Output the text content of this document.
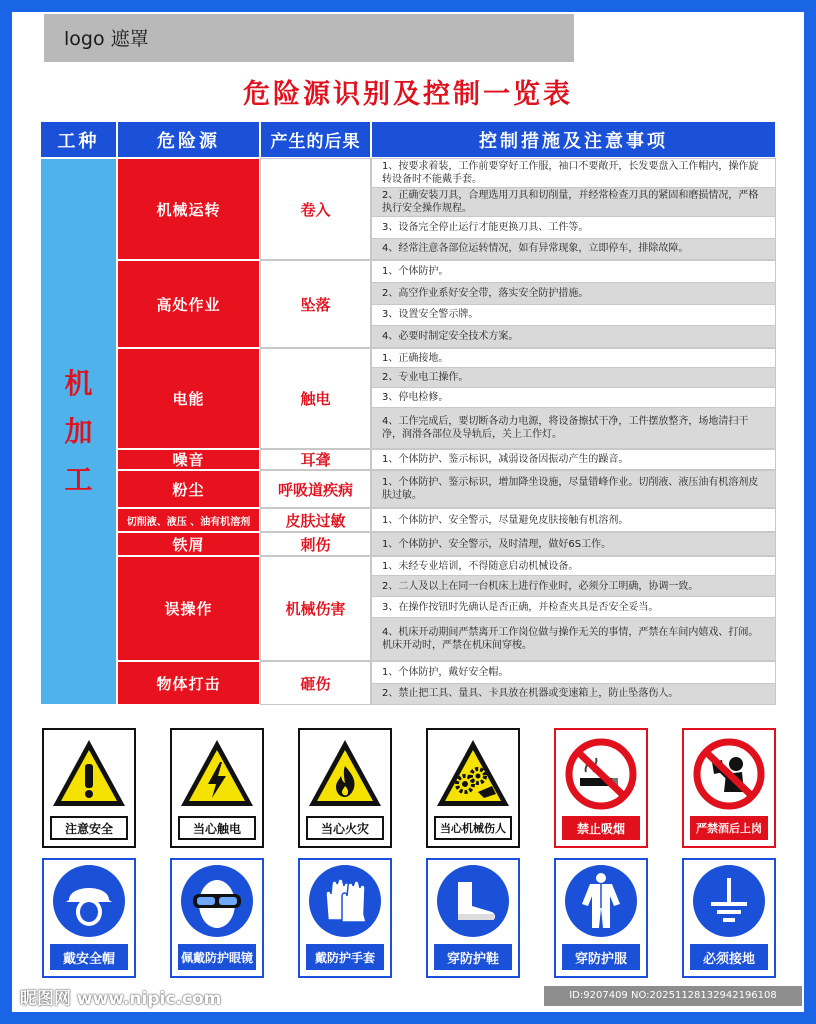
logo 遮罩
危险源识别及控制一览表
工种	危险源	产生的后果	控制措施及注意事项
机
加
工
机械运转	卷入
1、按要求着装，工作前要穿好工作服，袖口不要敞开，长发要盘入工作帽内，操作旋转设备时不能戴手套。
2、正确安装刀具，合理选用刀具和切削量，并经常检查刀具的紧固和磨损情况，严格执行安全操作规程。
3、设备完全停止运行才能更换刀具、工件等。
4、经常注意各部位运转情况，如有异常现象，立即停车，排除故障。
高处作业	坠落
1、个体防护。
2、高空作业系好安全带，落实安全防护措施。
3、设置安全警示牌。
4、必要时制定安全技术方案。
电能	触电
1、正确接地。
2、专业电工操作。
3、停电检修。
4、工作完成后，要切断各动力电源，将设备擦拭干净，工件摆放整齐，场地清扫干净，润滑各部位及导轨后，关上工作灯。
噪音	耳聋	1、个体防护、鉴示标识，减弱设备因振动产生的躁音。
粉尘	呼吸道疾病	1、个体防护、鉴示标识，增加降坐设施，尽量错峰作业。切削液、液压油有机溶剂皮肤过敏。
切削液、液压 、油有机溶剂	皮肤过敏	1、个体防护、安全警示，尽量避免皮肤接触有机溶剂。
铁屑	刺伤	1、个体防护、安全警示，及时清理，做好6S工作。
误操作	机械伤害
1、未经专业培训，不得随意启动机械设备。
2、二人及以上在同一台机床上进行作业时，必须分工明确，协调一致。
3、在操作按钮时先确认是否正确，并检查夹具是否安全妥当。
4、机床开动期间严禁离开工作岗位做与操作无关的事情，严禁在车间内嬉戏、打闹。机床开动时，严禁在机床间穿梭。
物体打击	砸伤
1、个体防护，戴好安全帽。
2、禁止把工具、量具、卡具放在机器或变速箱上，防止坠落伤人。
注意安全	当心触电	当心火灾	当心机械伤人	禁止吸烟	严禁酒后上岗
戴安全帽	佩戴防护眼镜	戴防护手套	穿防护鞋	穿防护服	必须接地
昵图网 www.nipic.com	ID:9207409 NO:20251128132942196108
